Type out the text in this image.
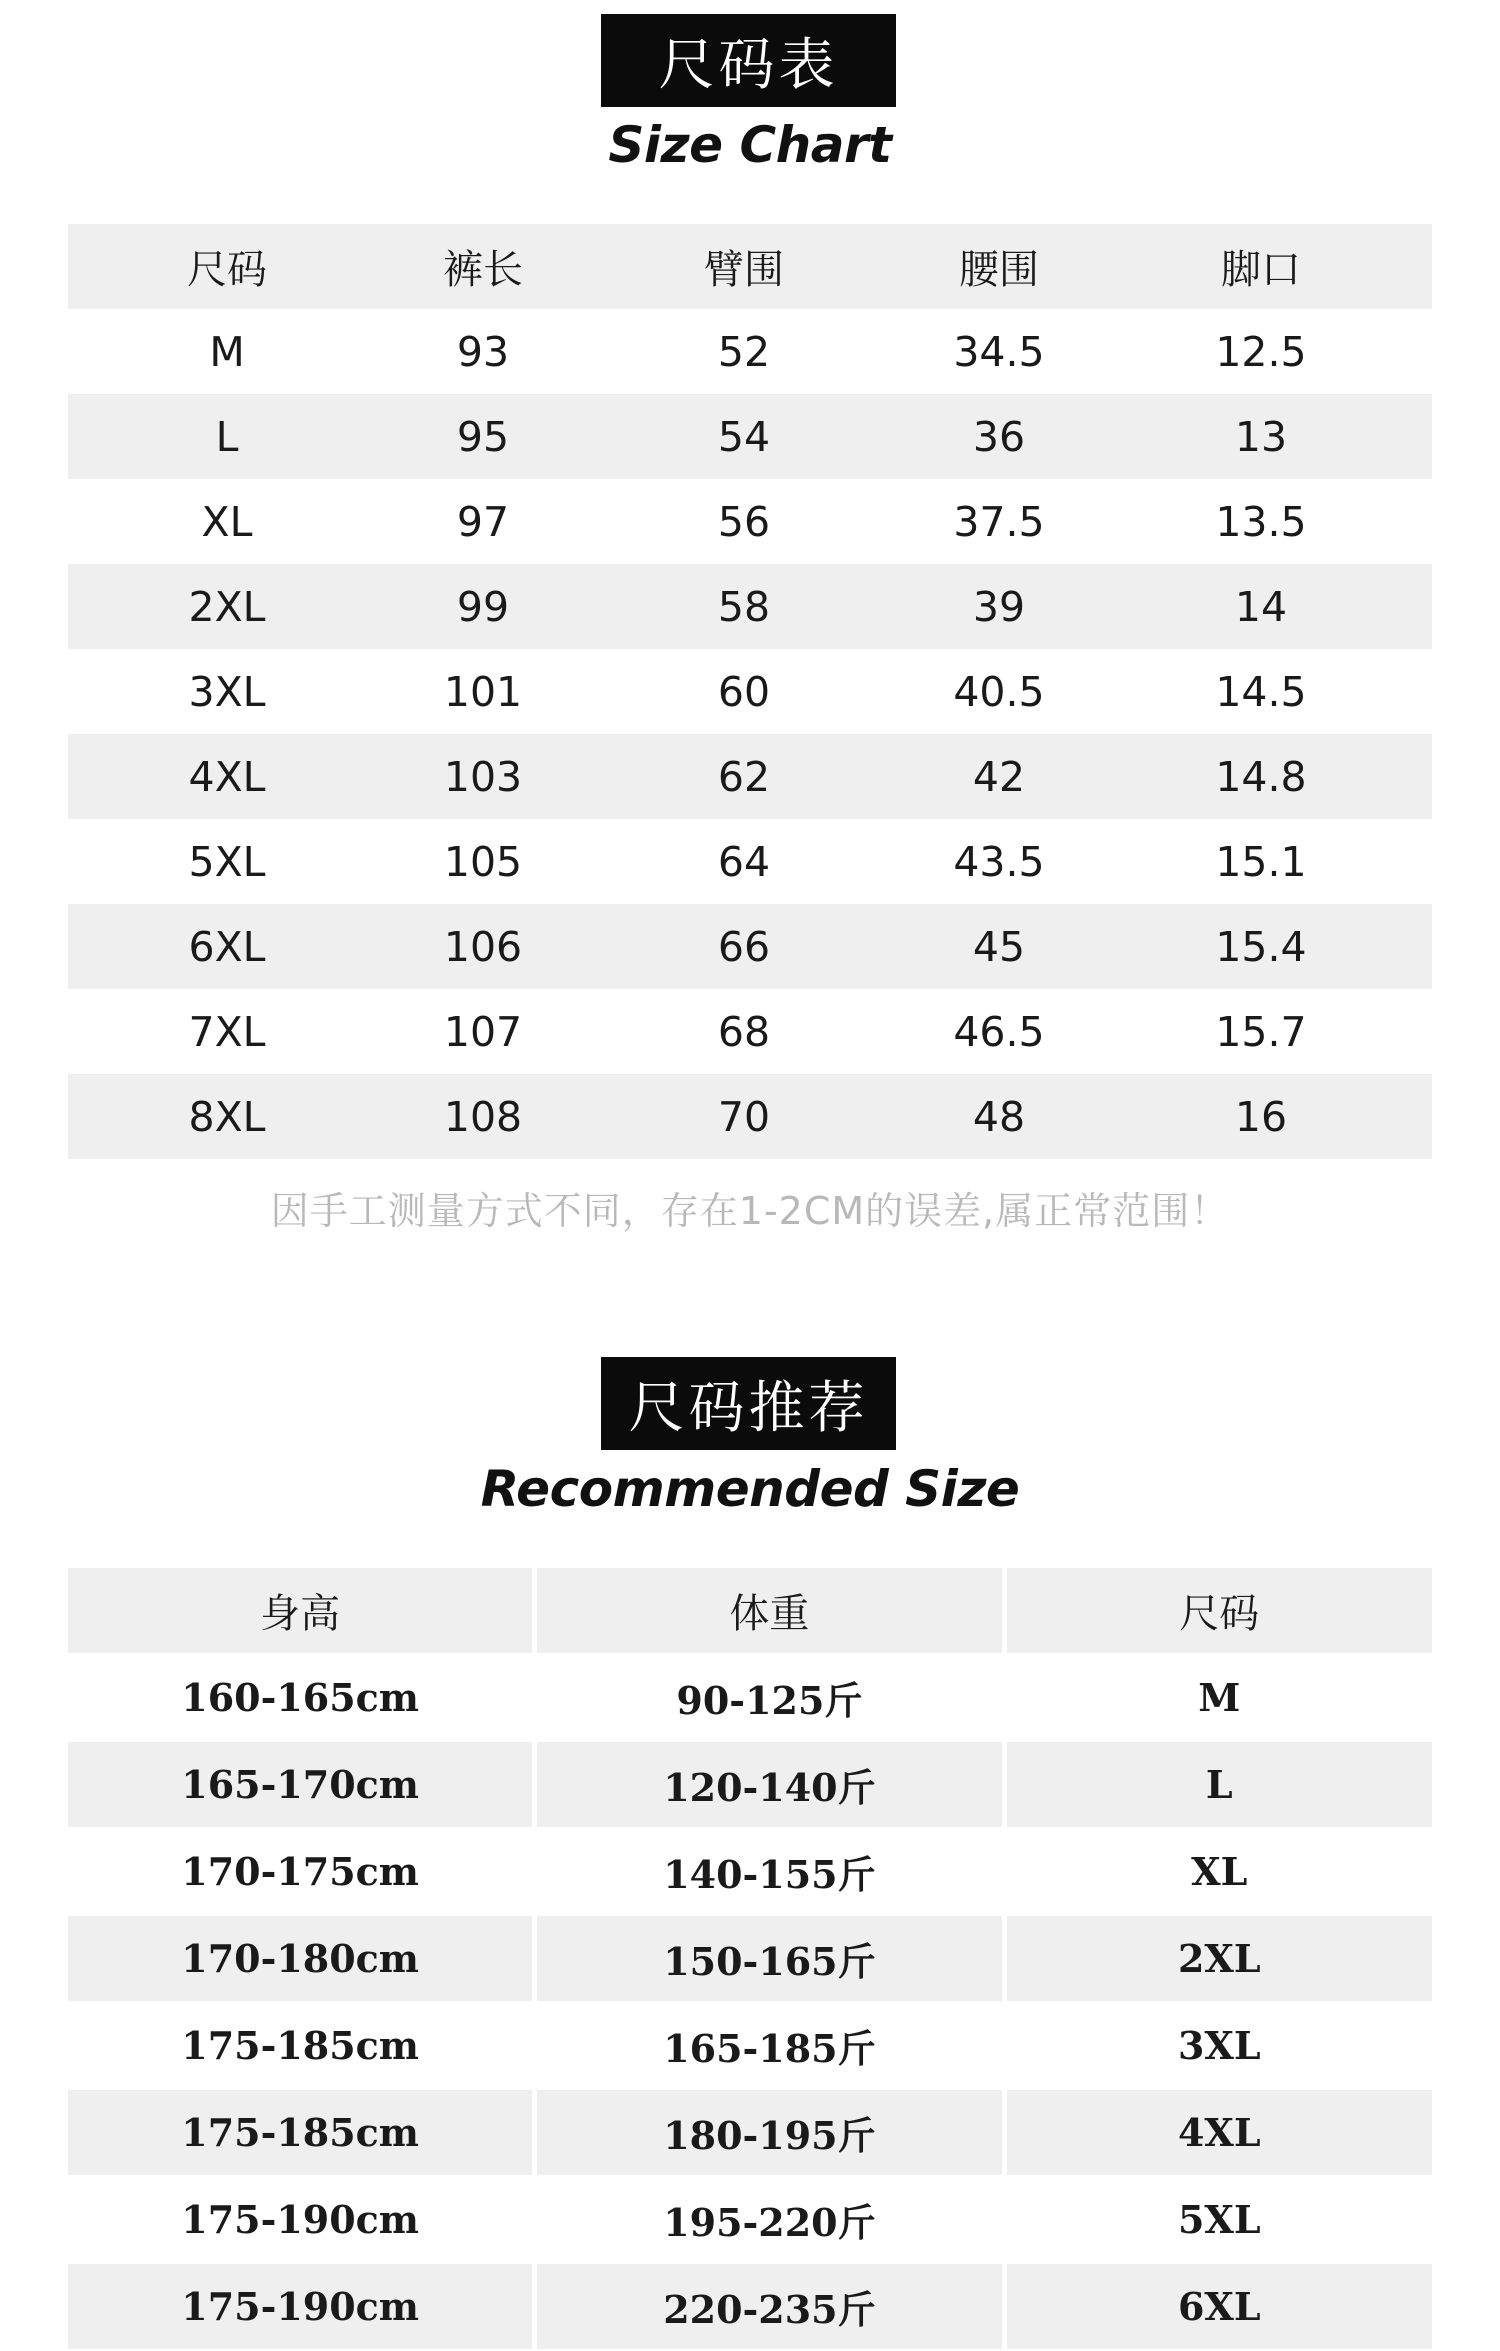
尺码表
Size Chart
尺码	裤长	臂围	腰围	脚口
M	93	52	34.5	12.5
L	95	54	36	13
XL	97	56	37.5	13.5
2XL	99	58	39	14
3XL	101	60	40.5	14.5
4XL	103	62	42	14.8
5XL	105	64	43.5	15.1
6XL	106	66	45	15.4
7XL	107	68	46.5	15.7
8XL	108	70	48	16
因手工测量方式不同，存在1-2CM的误差,属正常范围！
尺码推荐
Recommended Size
身高	体重	尺码
160-165cm	90-125斤	M
165-170cm	120-140斤	L
170-175cm	140-155斤	XL
170-180cm	150-165斤	2XL
175-185cm	165-185斤	3XL
175-185cm	180-195斤	4XL
175-190cm	195-220斤	5XL
175-190cm	220-235斤	6XL
